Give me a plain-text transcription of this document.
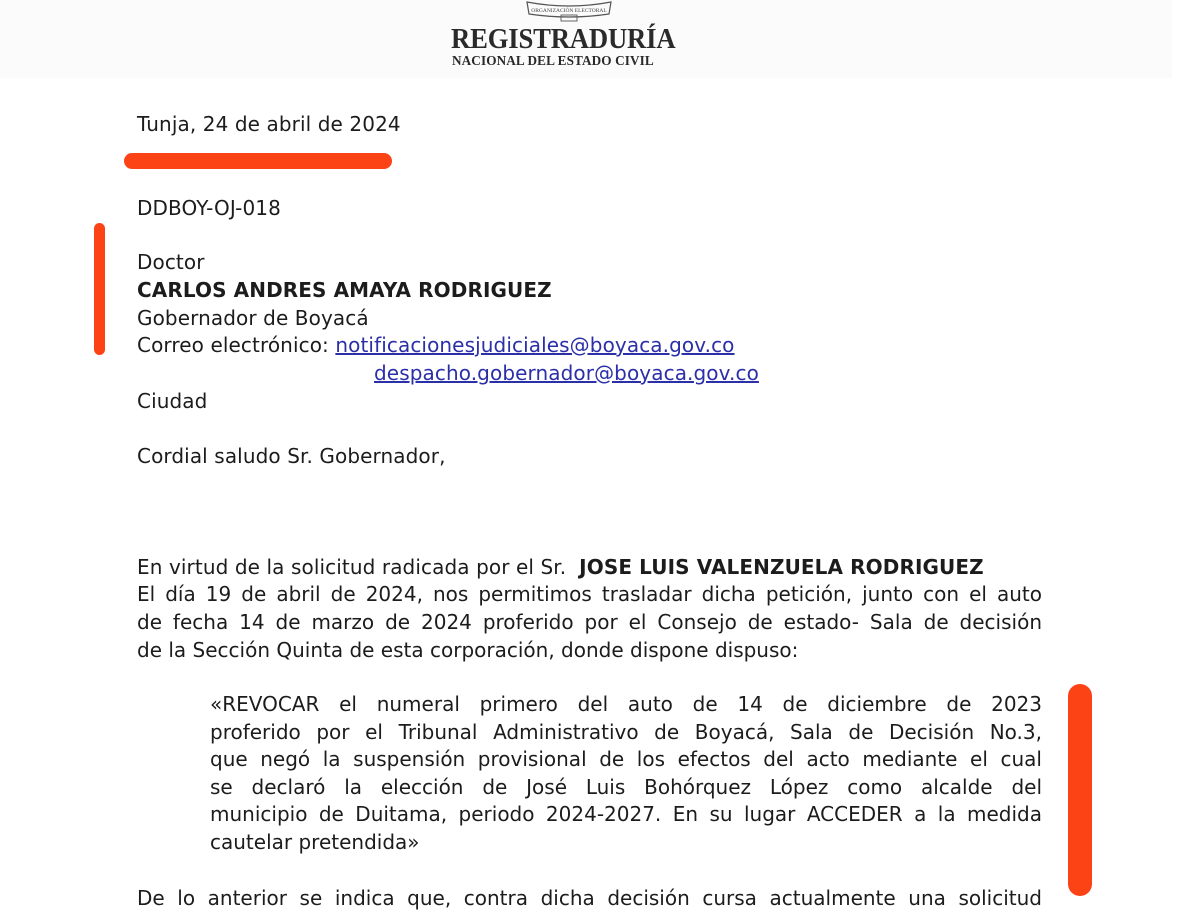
ORGANIZACIÓN ELECTORAL
REGISTRADURÍA
NACIONAL DEL ESTADO CIVIL
Tunja, 24 de abril de 2024
DDBOY-OJ-018
Doctor
CARLOS ANDRES AMAYA RODRIGUEZ
Gobernador de Boyacá
Correo electrónico: notificacionesjudiciales@boyaca.gov.co
despacho.gobernador@boyaca.gov.co
Ciudad
Cordial saludo Sr. Gobernador,
En virtud de la solicitud radicada por el Sr. JOSE LUIS VALENZUELA RODRIGUEZ
El día 19 de abril de 2024, nos permitimos trasladar dicha petición, junto con el auto
de fecha 14 de marzo de 2024 proferido por el Consejo de estado- Sala de decisión
de la Sección Quinta de esta corporación, donde dispone dispuso:
«REVOCAR el numeral primero del auto de 14 de diciembre de 2023
proferido por el Tribunal Administrativo de Boyacá, Sala de Decisión No.3,
que negó la suspensión provisional de los efectos del acto mediante el cual
se declaró la elección de José Luis Bohórquez López como alcalde del
municipio de Duitama, periodo 2024-2027. En su lugar ACCEDER a la medida
cautelar pretendida»
De lo anterior se indica que, contra dicha decisión cursa actualmente una solicitud
